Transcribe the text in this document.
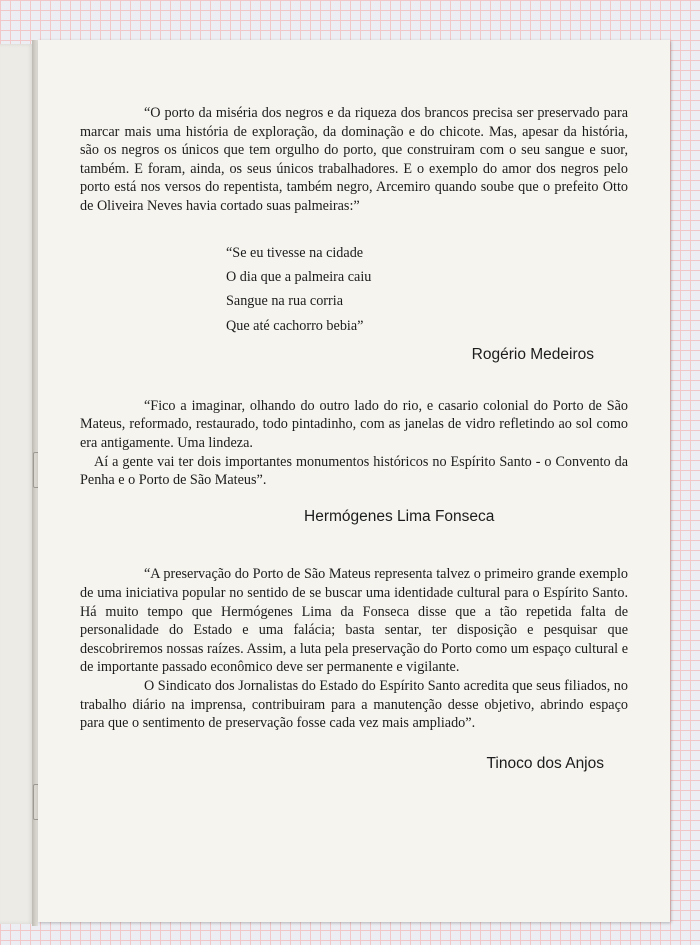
“O porto da miséria dos negros e da riqueza dos brancos precisa ser preservado para marcar mais uma história de exploração, da dominação e do chicote. Mas, apesar da história, são os negros os únicos que tem orgulho do porto, que construiram com o seu sangue e suor, também. E foram, ainda, os seus únicos trabalhadores. E o exemplo do amor dos negros pelo porto está nos versos do repentista, também negro, Arcemiro quando soube que o prefeito Otto de Oliveira Neves havia cortado suas palmeiras:”

“Se eu tivesse na cidade
O dia que a palmeira caiu
Sangue na rua corria
Que até cachorro bebia”
Rogério Medeiros

“Fico a imaginar, olhando do outro lado do rio, e casario colonial do Porto de São Mateus, reformado, restaurado, todo pintadinho, com as janelas de vidro refletindo ao sol como era antigamente. Uma lindeza.

Aí a gente vai ter dois importantes monumentos históricos no Espírito Santo - o Convento da Penha e o Porto de São Mateus”.

Hermógenes Lima Fonseca

“A preservação do Porto de São Mateus representa talvez o primeiro grande exemplo de uma iniciativa popular no sentido de se buscar uma identidade cultural para o Espírito Santo. Há muito tempo que Hermógenes Lima da Fonseca disse que a tão repetida falta de personalidade do Estado e uma falácia; basta sentar, ter disposição e pesquisar que descobriremos nossas raízes. Assim, a luta pela preservação do Porto como um espaço cultural e de importante passado econômico deve ser permanente e vigilante.

O Sindicato dos Jornalistas do Estado do Espírito Santo acredita que seus filiados, no trabalho diário na imprensa, contribuiram para a manutenção desse objetivo, abrindo espaço para que o sentimento de preservação fosse cada vez mais ampliado”.

Tinoco dos Anjos
